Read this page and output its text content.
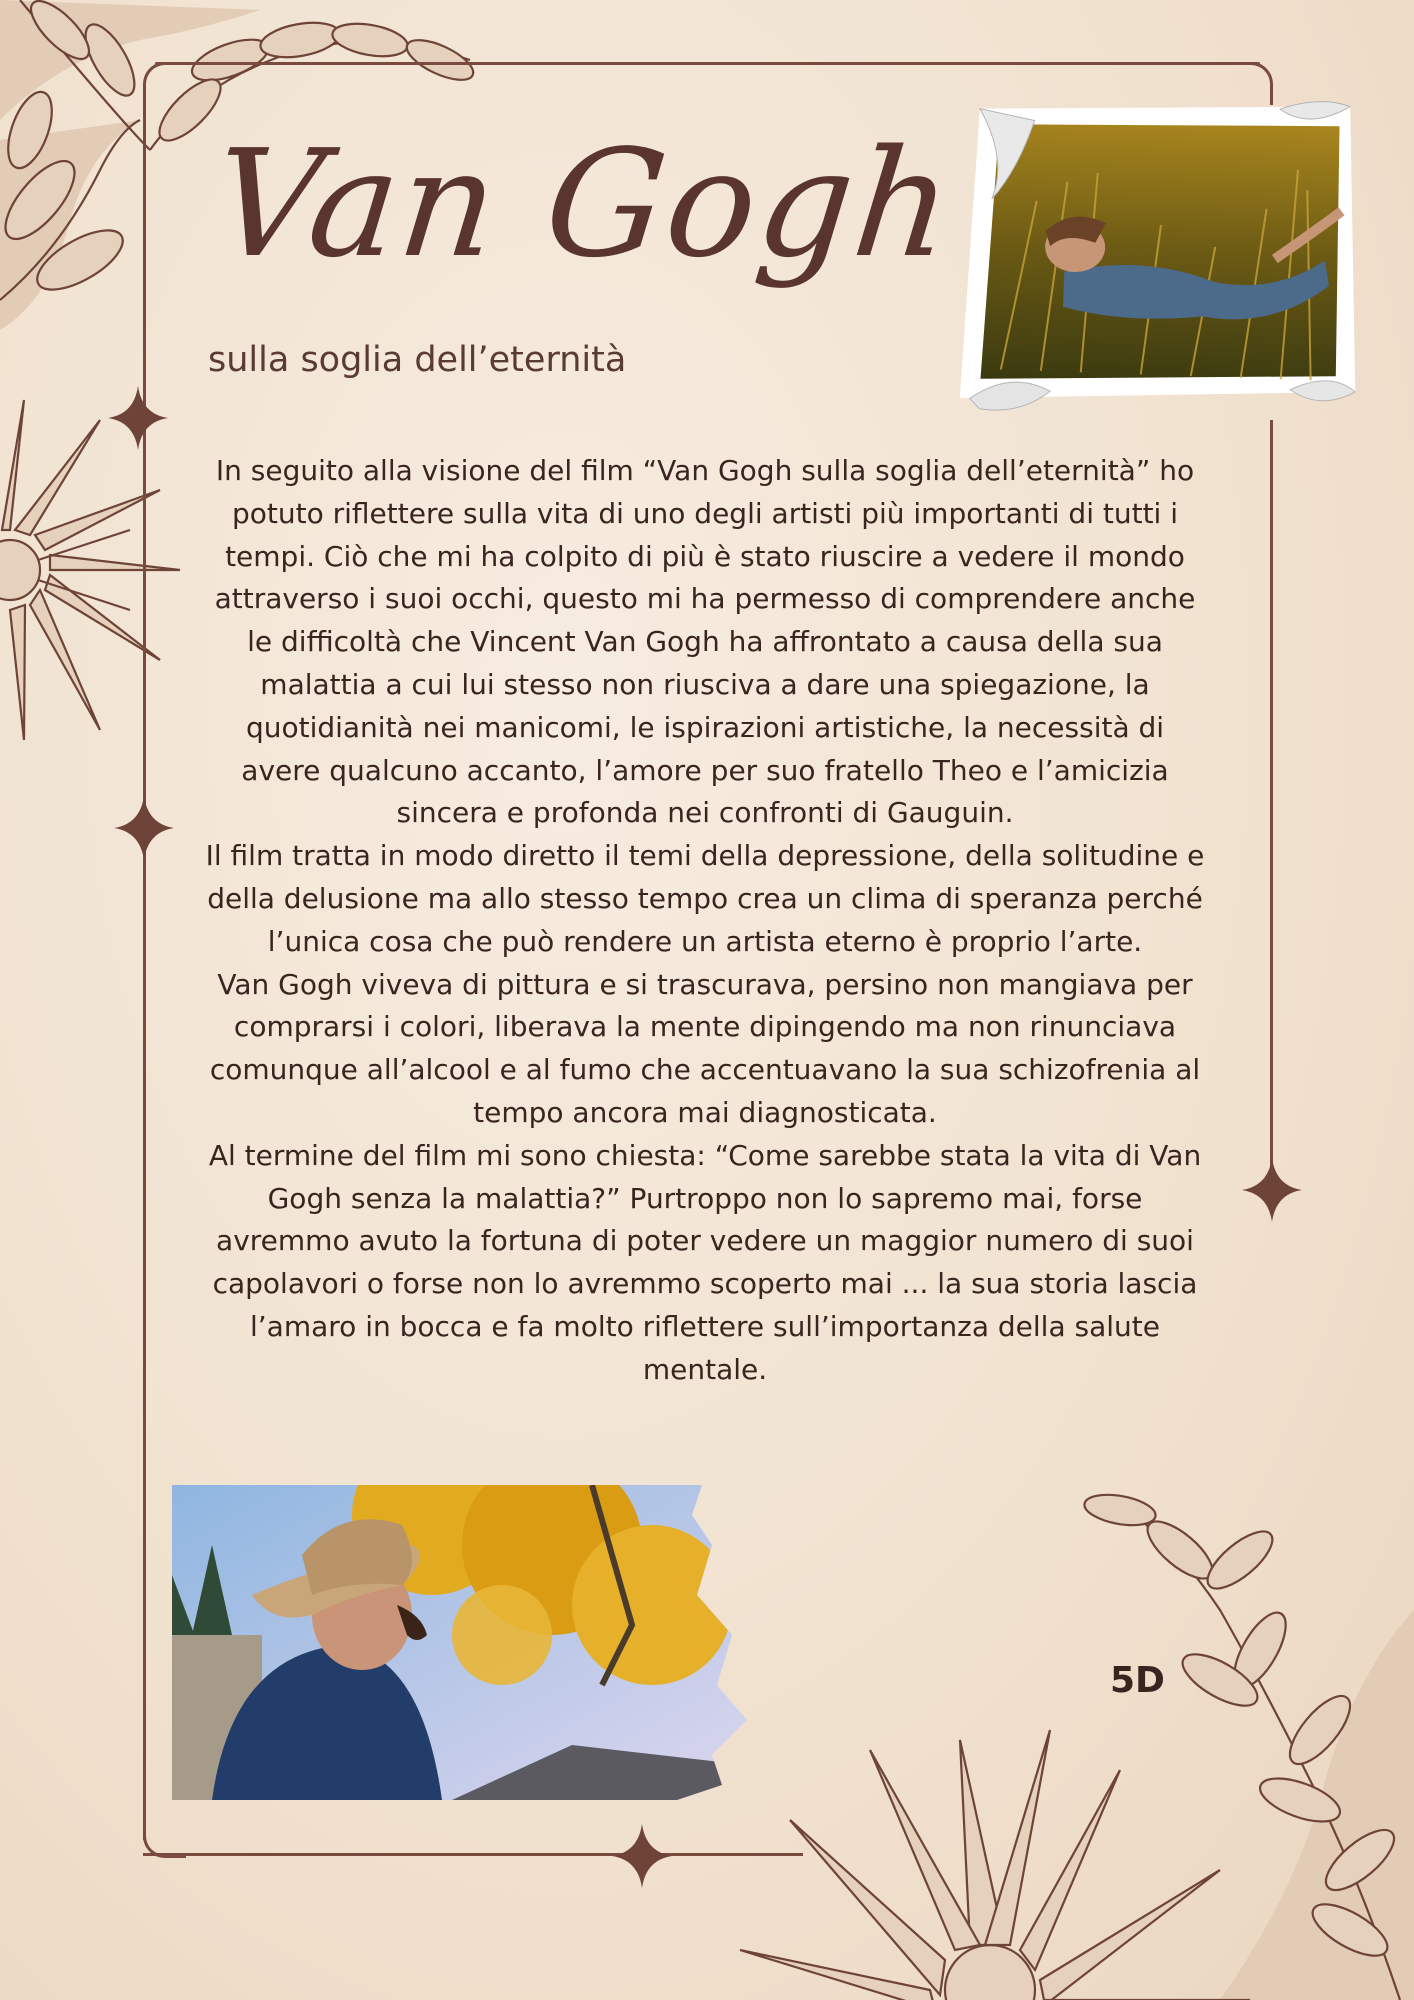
Van Gogh
sulla soglia dell’eternità

In seguito alla visione del film “Van Gogh sulla soglia dell’eternità” ho potuto riflettere sulla vita di uno degli artisti più importanti di tutti i tempi. Ciò che mi ha colpito di più è stato riuscire a vedere il mondo attraverso i suoi occhi, questo mi ha permesso di comprendere anche le difficoltà che Vincent Van Gogh ha affrontato a causa della sua malattia a cui lui stesso non riusciva a dare una spiegazione, la quotidianità nei manicomi, le ispirazioni artistiche, la necessità di avere qualcuno accanto, l’amore per suo fratello Theo e l’amicizia sincera e profonda nei confronti di Gauguin.

Il film tratta in modo diretto il temi della depressione, della solitudine e della delusione ma allo stesso tempo crea un clima di speranza perché l’unica cosa che può rendere un artista eterno è proprio l’arte.

Van Gogh viveva di pittura e si trascurava, persino non mangiava per comprarsi i colori, liberava la mente dipingendo ma non rinunciava comunque all’alcool e al fumo che accentuavano la sua schizofrenia al tempo ancora mai diagnosticata.

Al termine del film mi sono chiesta: “Come sarebbe stata la vita di Van Gogh senza la malattia?” Purtroppo non lo sapremo mai, forse avremmo avuto la fortuna di poter vedere un maggior numero di suoi capolavori o forse non lo avremmo scoperto mai ... la sua storia lascia l’amaro in bocca e fa molto riflettere sull’importanza della salute mentale.

5D
